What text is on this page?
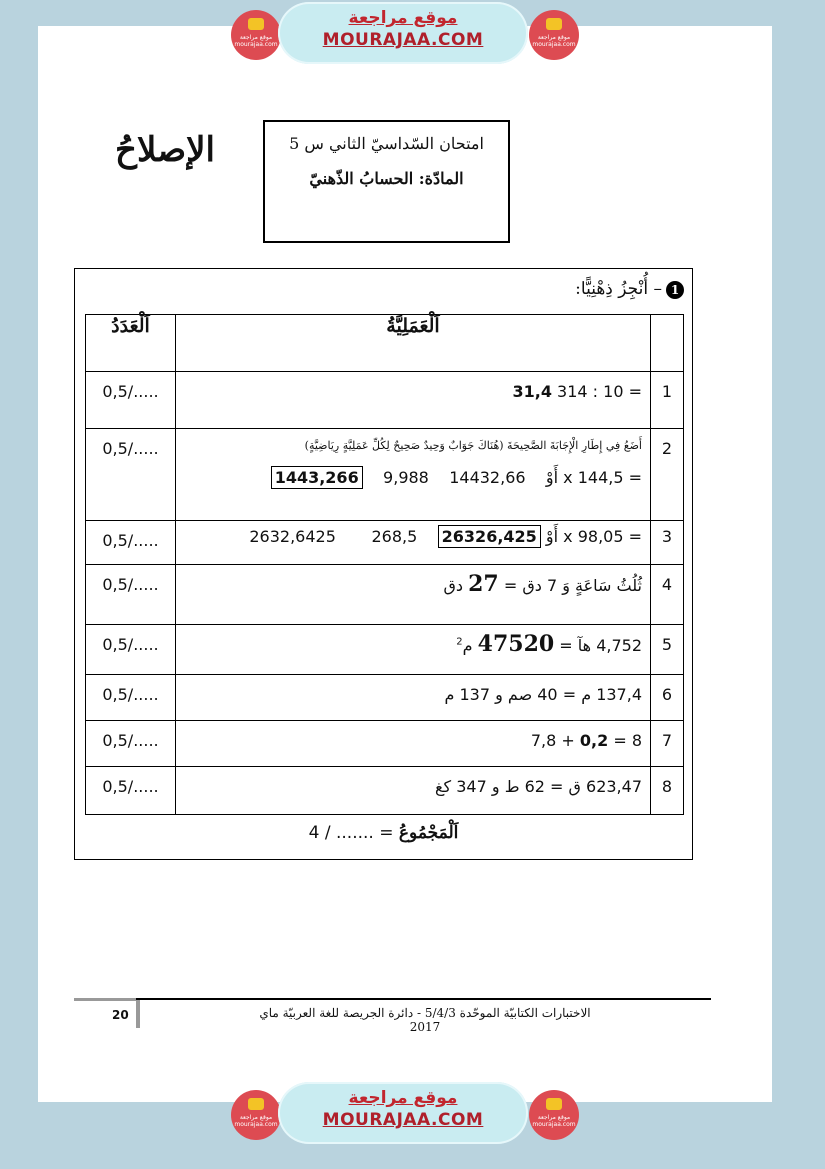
موقع مراجعة
mourajaa.com
موقع مراجعة
MOURAJAA.COM	موقع مراجعة
mourajaa.com
الإصلاحُ	امتحان السّداسيّ الثاني س 5
المادّة: الحسابُ الذّهنيّ
1– أُنْجِزُ ذِهْنِيًّا:
	اَلْعَمَلِيَّةُ	اَلْعَدَدُ
1	31,4 314 : 10 =	0,5/.....
2	أَضَعُ فِي إِطَارِ الْإِجَابَةَ الصَّحِيحَةَ (هُنَاكَ جَوَابٌ وَحِيدٌ صَحِيحٌ لِكُلِّ عَمَلِيَّةٍ رِيَاضِيَّةٍ)
1443,266 أَوْ    14432,66    9,988 x 144,5 =	0,5/.....
3	2632,6425 أَوْ 26326,425    268,5 x 98,05 =	0,5/.....
4	ثُلُثُ سَاعَةٍ وَ 7 دق = 27 دق	0,5/.....
5	4,752 هآ = 47520 م$^2$	0,5/.....
6	137,4 م = 40 صم و 137 م	0,5/.....
7	7,8 + 0,2 = 8	0,5/.....
8	623,47 ق = 62 ط و 347 كغ	0,5/.....
اَلْمَجْمُوعُ = ....... / 4
20	الاختبارات الكتابيّة الموحّدة 5/4/3 - دائرة الجريصة للغة العربيّة ماي 2017
موقع مراجعة
mourajaa.com
موقع مراجعة
MOURAJAA.COM	موقع مراجعة
mourajaa.com
